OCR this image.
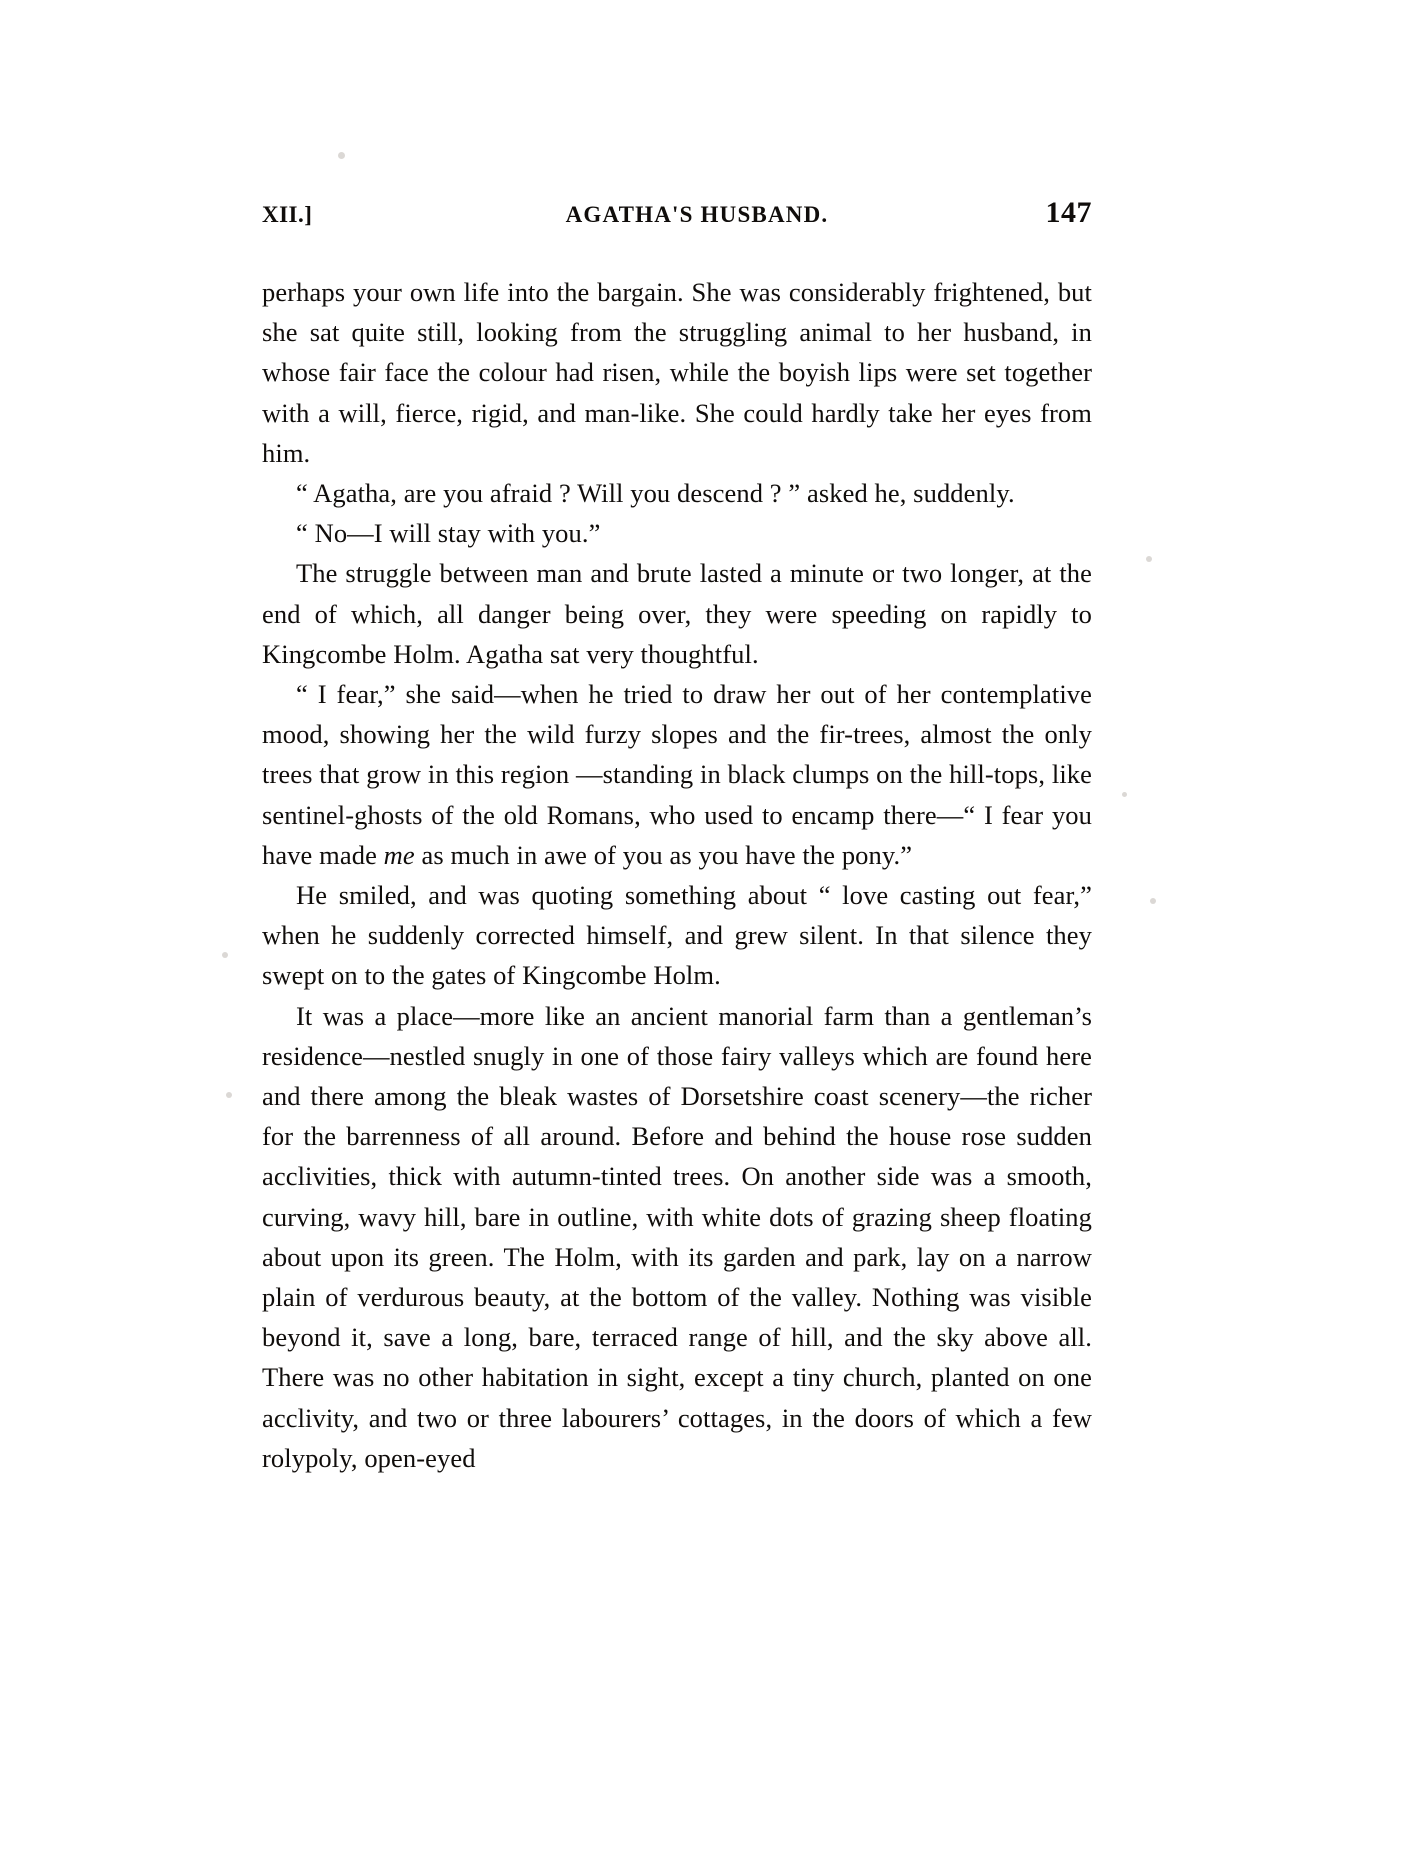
XII.]	AGATHA'S HUSBAND.	147

perhaps your own life into the bargain. She was considerably frightened, but she sat quite still, looking from the struggling animal to her husband, in whose fair face the colour had risen, while the boyish lips were set together with a will, fierce, rigid, and man-like. She could hardly take her eyes from him.

“ Agatha, are you afraid ? Will you descend ? ” asked he, suddenly.

“ No—I will stay with you.”

The struggle between man and brute lasted a minute or two longer, at the end of which, all danger being over, they were speeding on rapidly to Kingcombe Holm. Agatha sat very thoughtful.

“ I fear,” she said—when he tried to draw her out of her contemplative mood, showing her the wild furzy slopes and the fir-trees, almost the only trees that grow in this region —standing in black clumps on the hill-tops, like sentinel-ghosts of the old Romans, who used to encamp there—“ I fear you have made me as much in awe of you as you have the pony.”

He smiled, and was quoting something about “ love casting out fear,” when he suddenly corrected himself, and grew silent. In that silence they swept on to the gates of Kingcombe Holm.

It was a place—more like an ancient manorial farm than a gentleman’s residence—nestled snugly in one of those fairy valleys which are found here and there among the bleak wastes of Dorsetshire coast scenery—the richer for the barrenness of all around. Before and behind the house rose sudden acclivities, thick with autumn-tinted trees. On another side was a smooth, curving, wavy hill, bare in outline, with white dots of grazing sheep floating about upon its green. The Holm, with its garden and park, lay on a narrow plain of verdurous beauty, at the bottom of the valley. Nothing was visible beyond it, save a long, bare, terraced range of hill, and the sky above all. There was no other habitation in sight, except a tiny church, planted on one acclivity, and two or three labourers’ cottages, in the doors of which a few rolypoly, open-eyed
